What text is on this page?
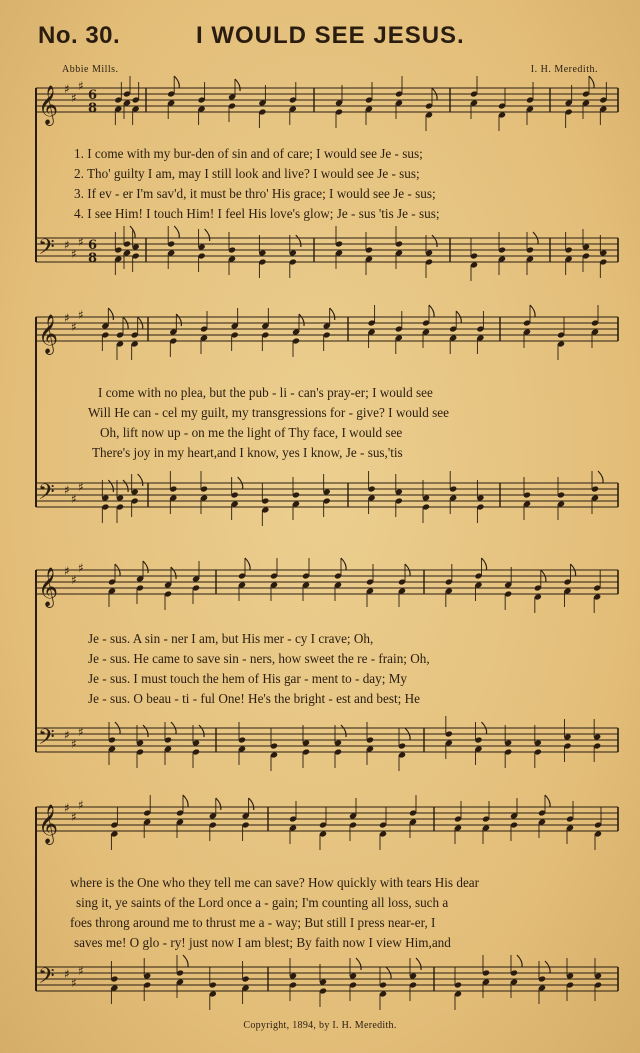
No. 30.	I WOULD SEE JESUS.
Abbie Mills.	I. H. Meredith.
𝄞 ♯
♯
♯
6
8
𝄢 ♯
♯
♯ 6
8
𝄞 ♯
♯
♯
𝄢 ♯
♯
♯
𝄞 ♯
♯
♯
𝄢 ♯
♯
♯
𝄞 ♯
♯
♯
𝄢 ♯
♯
♯
1. I come with my bur-den of sin and of care; I would see Je - sus;
2. Tho' guilty I am, may I still look and live? I would see Je - sus;
3. If ev - er I'm sav'd, it must be thro' His grace; I would see Je - sus;
4. I see Him! I touch Him! I feel His love's glow; Je - sus 'tis Je - sus;
I come with no plea, but the pub - li - can's pray-er; I would see
Will He can - cel my guilt, my transgressions for - give? I would see
Oh, lift now up - on me the light of Thy face, I would see
There's joy in my heart,and I know, yes I know, Je - sus,'tis
Je - sus. A sin - ner I am, but His mer - cy I crave; Oh,
Je - sus. He came to save sin - ners, how sweet the re - frain; Oh,
Je - sus. I must touch the hem of His gar - ment to - day; My
Je - sus. O beau - ti - ful One! He's the bright - est and best; He
where is the One who they tell me can save? How quickly with tears His dear
sing it, ye saints of the Lord once a - gain; I'm counting all loss, such a
foes throng around me to thrust me a - way; But still I press near-er, I
saves me! O glo - ry! just now I am blest; By faith now I view Him,and
Copyright, 1894, by I. H. Meredith.
